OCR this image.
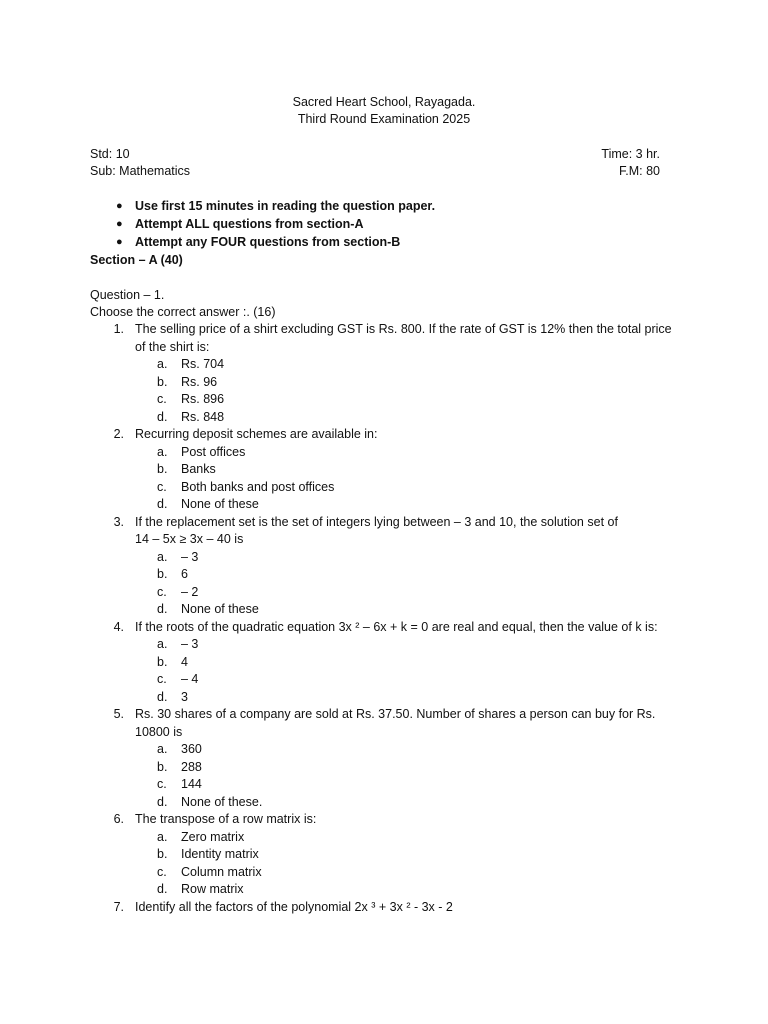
Sacred Heart School, Rayagada.
Third Round Examination 2025
Std: 10
Sub: Mathematics
Time: 3 hr.
F.M: 80
● Use first 15 minutes in reading the question paper.
● Attempt ALL questions from section-A
● Attempt any FOUR questions from section-B
Section – A (40)
Question – 1.
Choose the correct answer :. (16)
1. The selling price of a shirt excluding GST is Rs. 800. If the rate of GST is 12% then the total price
of the shirt is:
a. Rs. 704
b. Rs. 96
c. Rs. 896
d. Rs. 848
2. Recurring deposit schemes are available in:
a. Post offices
b. Banks
c. Both banks and post offices
d. None of these
3. If the replacement set is the set of integers lying between – 3 and 10, the solution set of
14 – 5x ≥ 3x – 40 is
a. – 3
b. 6
c. – 2
d. None of these
4. If the roots of the quadratic equation 3x ² – 6x + k = 0 are real and equal, then the value of k is:
a. – 3
b. 4
c. – 4
d. 3
5. Rs. 30 shares of a company are sold at Rs. 37.50. Number of shares a person can buy for Rs.
10800 is
a. 360
b. 288
c. 144
d. None of these.
6. The transpose of a row matrix is:
a. Zero matrix
b. Identity matrix
c. Column matrix
d. Row matrix
7. Identify all the factors of the polynomial 2x ³ + 3x ² - 3x - 2
